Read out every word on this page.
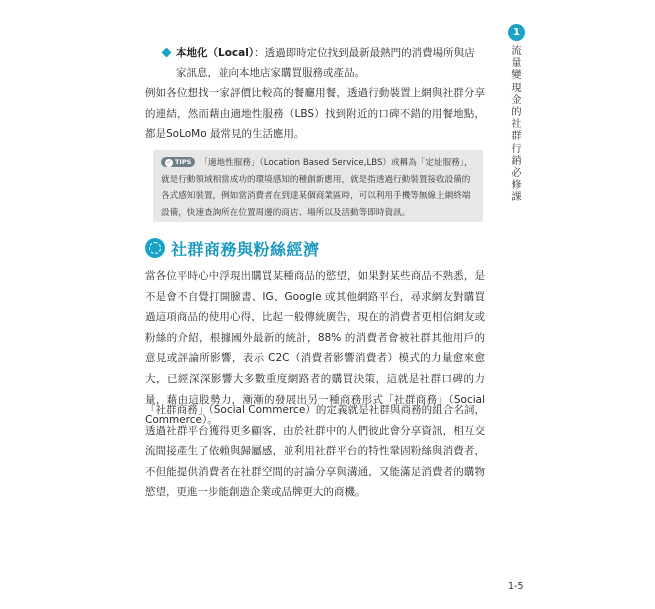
本地化（Local）：透過即時定位找到最新最熱門的消費場所與店家訊息，並向本地店家購買服務或產品。

例如各位想找一家評價比較高的餐廳用餐，透過行動裝置上網與社群分享的連結，然而藉由適地性服務（LBS）找到附近的口碑不錯的用餐地點，都是SoLoMo 最常見的生活應用。

✓ TIPS 「適地性服務」（Location Based Service,LBS）或稱為「定址服務」，就是行動領域相當成功的環境感知的種創新應用，就是指透過行動裝置接收設備的各式感知裝置，例如當消費者在到達某個商業區時，可以利用手機等無線上網終端設備，快速查詢所在位置周邊的商店、場所以及活動等即時資訊。
社群商務與粉絲經濟

當各位平時心中浮現出購買某種商品的慾望，如果對某些商品不熟悉，是不是會不自覺打開臉書、IG、Google 或其他網路平台，尋求網友對購買過這項商品的使用心得，比起一般傳統廣告，現在的消費者更相信網友或粉絲的介紹，根據國外最新的統計，88% 的消費者會被社群其他用戶的意見或評論所影響，表示 C2C（消費者影響消費者）模式的力量愈來愈大，已經深深影響大多數重度網路者的購買決策，這就是社群口碑的力量，藉由這股勢力，漸漸的發展出另一種商務形式「社群商務」（Social Commerce）。

「社群商務」（Social Commerce）的定義就是社群與商務的組合名詞，透過社群平台獲得更多顧客，由於社群中的人們彼此會分享資訊，相互交流間接產生了依賴與歸屬感，並利用社群平台的特性鞏固粉絲與消費者，不但能提供消費者在社群空間的討論分享與溝通，又能滿足消費者的購物慾望，更進一步能創造企業或品牌更大的商機。

1
流量變現金的社群行銷必修課
1-5
